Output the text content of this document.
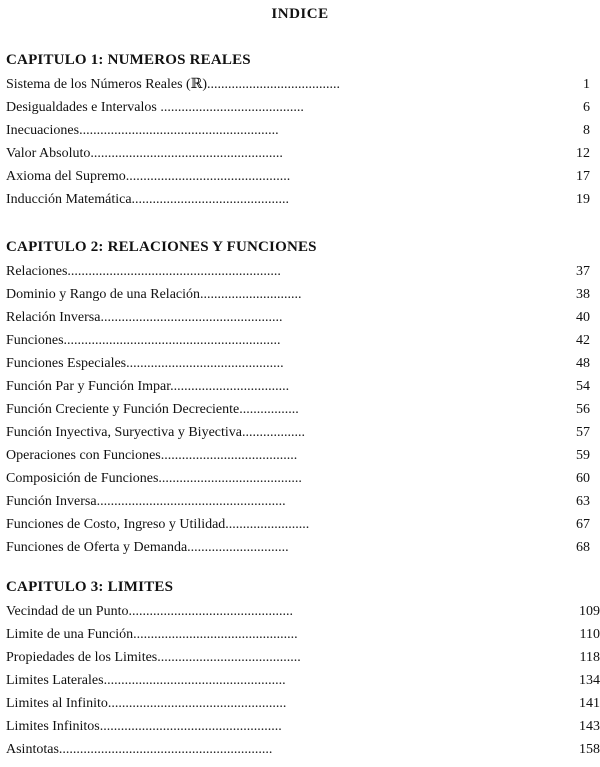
INDICE
CAPITULO 1: NUMEROS REALES
Sistema de los Números Reales (ℝ)......................................	1
Desigualdades e Intervalos .........................................	6
Inecuaciones.........................................................	8
Valor Absoluto.......................................................	12
Axioma del Supremo...............................................	17
Inducción Matemática.............................................	19
CAPITULO 2: RELACIONES Y FUNCIONES
Relaciones.............................................................	37
Dominio y Rango de una Relación.............................	38
Relación Inversa....................................................	40
Funciones..............................................................	42
Funciones Especiales.............................................	48
Función Par y Función Impar..................................	54
Función Creciente y Función Decreciente.................	56
Función Inyectiva, Suryectiva y Biyectiva..................	57
Operaciones con Funciones.......................................	59
Composición de Funciones.........................................	60
Función Inversa......................................................	63
Funciones de Costo, Ingreso y Utilidad........................	67
Funciones de Oferta y Demanda.............................	68
CAPITULO 3: LIMITES
Vecindad de un Punto...............................................	109
Limite de una Función...............................................	110
Propiedades de los Limites.........................................	118
Limites Laterales....................................................	134
Limites al Infinito...................................................	141
Limites Infinitos....................................................	143
Asintotas.............................................................	158
